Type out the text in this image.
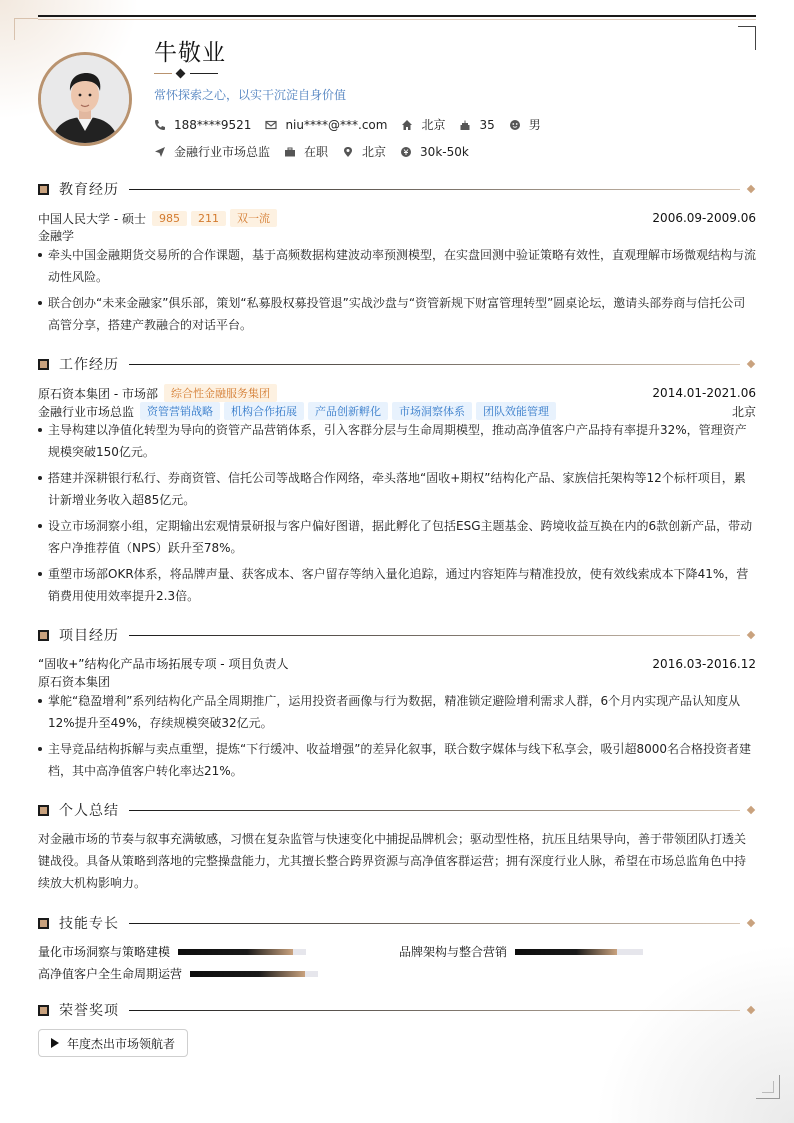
牛敬业
常怀探索之心，以实干沉淀自身价值
188****9521	niu****@***.com	北京	35	男
金融行业市场总监	在职	北京	30k-50k
教育经历
中国人民大学 - 硕士	985	211	双一流	2006.09-2009.06
金融学
牵头中国金融期货交易所的合作课题，基于高频数据构建波动率预测模型，在实盘回测中验证策略有效性，直观理解市场微观结构与流动性风险。
联合创办“未来金融家”俱乐部，策划“私募股权募投管退”实战沙盘与“资管新规下财富管理转型”圆桌论坛，邀请头部券商与信托公司高管分享，搭建产教融合的对话平台。
工作经历
原石资本集团 - 市场部	综合性金融服务集团	2014.01-2021.06
金融行业市场总监	资管营销战略	机构合作拓展	产品创新孵化	市场洞察体系	团队效能管理	北京
主导构建以净值化转型为导向的资管产品营销体系，引入客群分层与生命周期模型，推动高净值客户产品持有率提升32%，管理资产规模突破150亿元。
搭建并深耕银行私行、券商资管、信托公司等战略合作网络，牵头落地“固收+期权”结构化产品、家族信托架构等12个标杆项目，累计新增业务收入超85亿元。
设立市场洞察小组，定期输出宏观情景研报与客户偏好图谱，据此孵化了包括ESG主题基金、跨境收益互换在内的6款创新产品，带动客户净推荐值（NPS）跃升至78%。
重塑市场部OKR体系，将品牌声量、获客成本、客户留存等纳入量化追踪，通过内容矩阵与精准投放，使有效线索成本下降41%，营销费用使用效率提升2.3倍。
项目经历
“固收+”结构化产品市场拓展专项 - 项目负责人	2016.03-2016.12
原石资本集团
掌舵“稳盈增利”系列结构化产品全周期推广，运用投资者画像与行为数据，精准锁定避险增利需求人群，6个月内实现产品认知度从12%提升至49%，存续规模突破32亿元。
主导竞品结构拆解与卖点重塑，提炼“下行缓冲、收益增强”的差异化叙事，联合数字媒体与线下私享会，吸引超8000名合格投资者建档，其中高净值客户转化率达21%。
个人总结
对金融市场的节奏与叙事充满敏感，习惯在复杂监管与快速变化中捕捉品牌机会；驱动型性格，抗压且结果导向，善于带领团队打透关键战役。具备从策略到落地的完整操盘能力，尤其擅长整合跨界资源与高净值客群运营；拥有深度行业人脉，希望在市场总监角色中持续放大机构影响力。
技能专长
量化市场洞察与策略建模	品牌架构与整合营销
高净值客户全生命周期运营
荣誉奖项
年度杰出市场领航者
